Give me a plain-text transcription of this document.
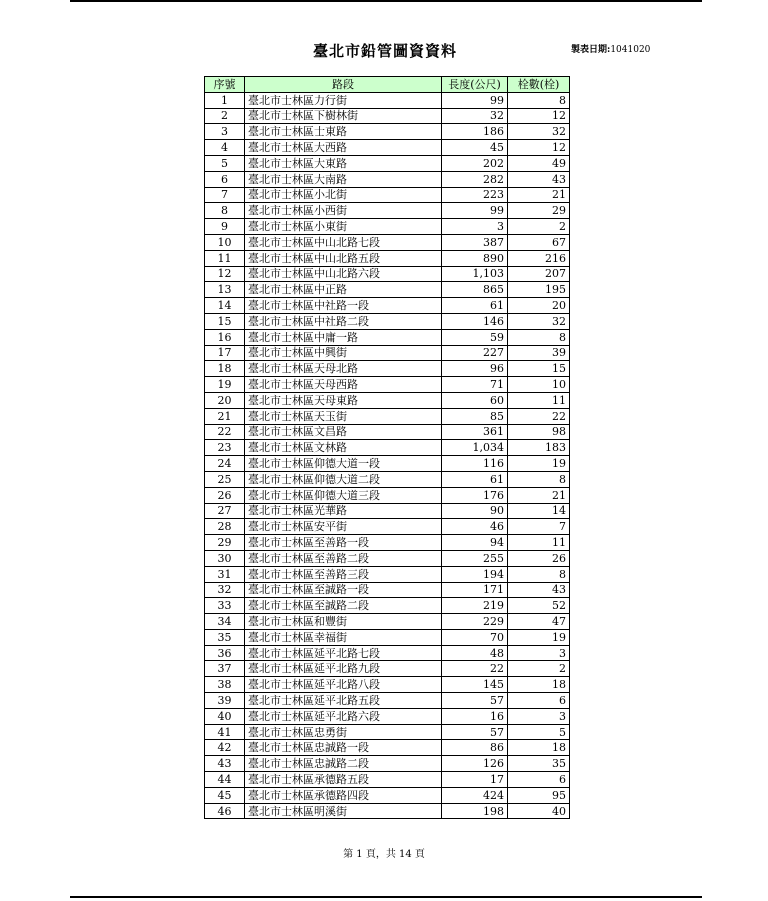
臺北市鉛管圖資資料	製表日期:1041020
序號	路段	長度(公尺)	栓數(栓)
1	臺北市士林區力行街	99	8
2	臺北市士林區下樹林街	32	12
3	臺北市士林區士東路	186	32
4	臺北市士林區大西路	45	12
5	臺北市士林區大東路	202	49
6	臺北市士林區大南路	282	43
7	臺北市士林區小北街	223	21
8	臺北市士林區小西街	99	29
9	臺北市士林區小東街	3	2
10	臺北市士林區中山北路七段	387	67
11	臺北市士林區中山北路五段	890	216
12	臺北市士林區中山北路六段	1,103	207
13	臺北市士林區中正路	865	195
14	臺北市士林區中社路一段	61	20
15	臺北市士林區中社路二段	146	32
16	臺北市士林區中庸一路	59	8
17	臺北市士林區中興街	227	39
18	臺北市士林區天母北路	96	15
19	臺北市士林區天母西路	71	10
20	臺北市士林區天母東路	60	11
21	臺北市士林區天玉街	85	22
22	臺北市士林區文昌路	361	98
23	臺北市士林區文林路	1,034	183
24	臺北市士林區仰德大道一段	116	19
25	臺北市士林區仰德大道二段	61	8
26	臺北市士林區仰德大道三段	176	21
27	臺北市士林區光華路	90	14
28	臺北市士林區安平街	46	7
29	臺北市士林區至善路一段	94	11
30	臺北市士林區至善路二段	255	26
31	臺北市士林區至善路三段	194	8
32	臺北市士林區至誠路一段	171	43
33	臺北市士林區至誠路二段	219	52
34	臺北市士林區和豐街	229	47
35	臺北市士林區幸福街	70	19
36	臺北市士林區延平北路七段	48	3
37	臺北市士林區延平北路九段	22	2
38	臺北市士林區延平北路八段	145	18
39	臺北市士林區延平北路五段	57	6
40	臺北市士林區延平北路六段	16	3
41	臺北市士林區忠勇街	57	5
42	臺北市士林區忠誠路一段	86	18
43	臺北市士林區忠誠路二段	126	35
44	臺北市士林區承德路五段	17	6
45	臺北市士林區承德路四段	424	95
46	臺北市士林區明溪街	198	40
第 1 頁，共 14 頁
